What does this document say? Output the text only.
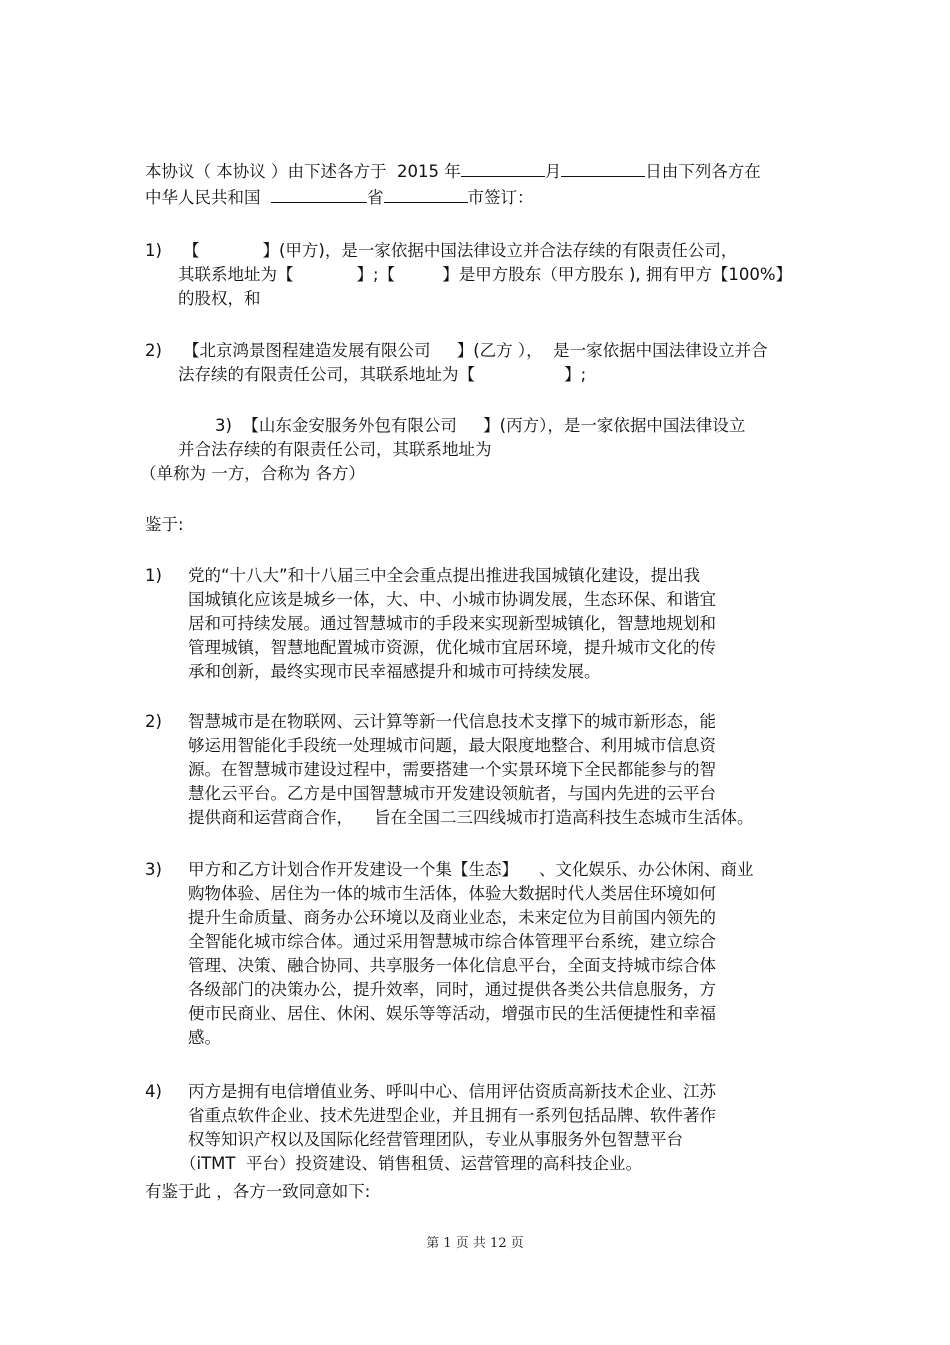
本协议（ 本协议 ）由下述各方于  2015 年	月	日由下列各方在
中华人民共和国	省	市签订：
1) 【            】(甲方)，是一家依据中国法律设立并合法存续的有限责任公司，
其联系地址为【            】;【         】是甲方股东（甲方股东 ), 拥有甲方【100%】
的股权，和
2) 【北京鸿景图程建造发展有限公司     】(乙方 ），  是一家依据中国法律设立并合
法存续的有限责任公司，其联系地址为【                 】;
3)  【山东金安服务外包有限公司     】(丙方），是一家依据中国法律设立
并合法存续的有限责任公司，其联系地址为
（单称为 一方，合称为 各方）
鉴于:
1) 党的“十八大”和十八届三中全会重点提出推进我国城镇化建设，提出我
国城镇化应该是城乡一体，大、中、小城市协调发展，生态环保、和谐宜
居和可持续发展。通过智慧城市的手段来实现新型城镇化，智慧地规划和
管理城镇，智慧地配置城市资源，优化城市宜居环境，提升城市文化的传
承和创新，最终实现市民幸福感提升和城市可持续发展。
2) 智慧城市是在物联网、云计算等新一代信息技术支撑下的城市新形态，能
够运用智能化手段统一处理城市问题，最大限度地整合、利用城市信息资
源。在智慧城市建设过程中，需要搭建一个实景环境下全民都能参与的智
慧化云平台。乙方是中国智慧城市开发建设领航者，与国内先进的云平台
提供商和运营商合作，    旨在全国二三四线城市打造高科技生态城市生活体。
3) 甲方和乙方计划合作开发建设一个集【生态】    、文化娱乐、办公休闲、商业
购物体验、居住为一体的城市生活体，体验大数据时代人类居住环境如何
提升生命质量、商务办公环境以及商业业态，未来定位为目前国内领先的
全智能化城市综合体。通过采用智慧城市综合体管理平台系统，建立综合
管理、决策、融合协同、共享服务一体化信息平台，全面支持城市综合体
各级部门的决策办公，提升效率，同时，通过提供各类公共信息服务，方
便市民商业、居住、休闲、娱乐等等活动，增强市民的生活便捷性和幸福
感。
4) 丙方是拥有电信增值业务、呼叫中心、信用评估资质高新技术企业、江苏
省重点软件企业、技术先进型企业，并且拥有一系列包括品牌、软件著作
权等知识产权以及国际化经营管理团队，专业从事服务外包智慧平台
（iTMT  平台）投资建设、销售租赁、运营管理的高科技企业。
有鉴于此 ，各方一致同意如下:
第 1 页 共 12 页
